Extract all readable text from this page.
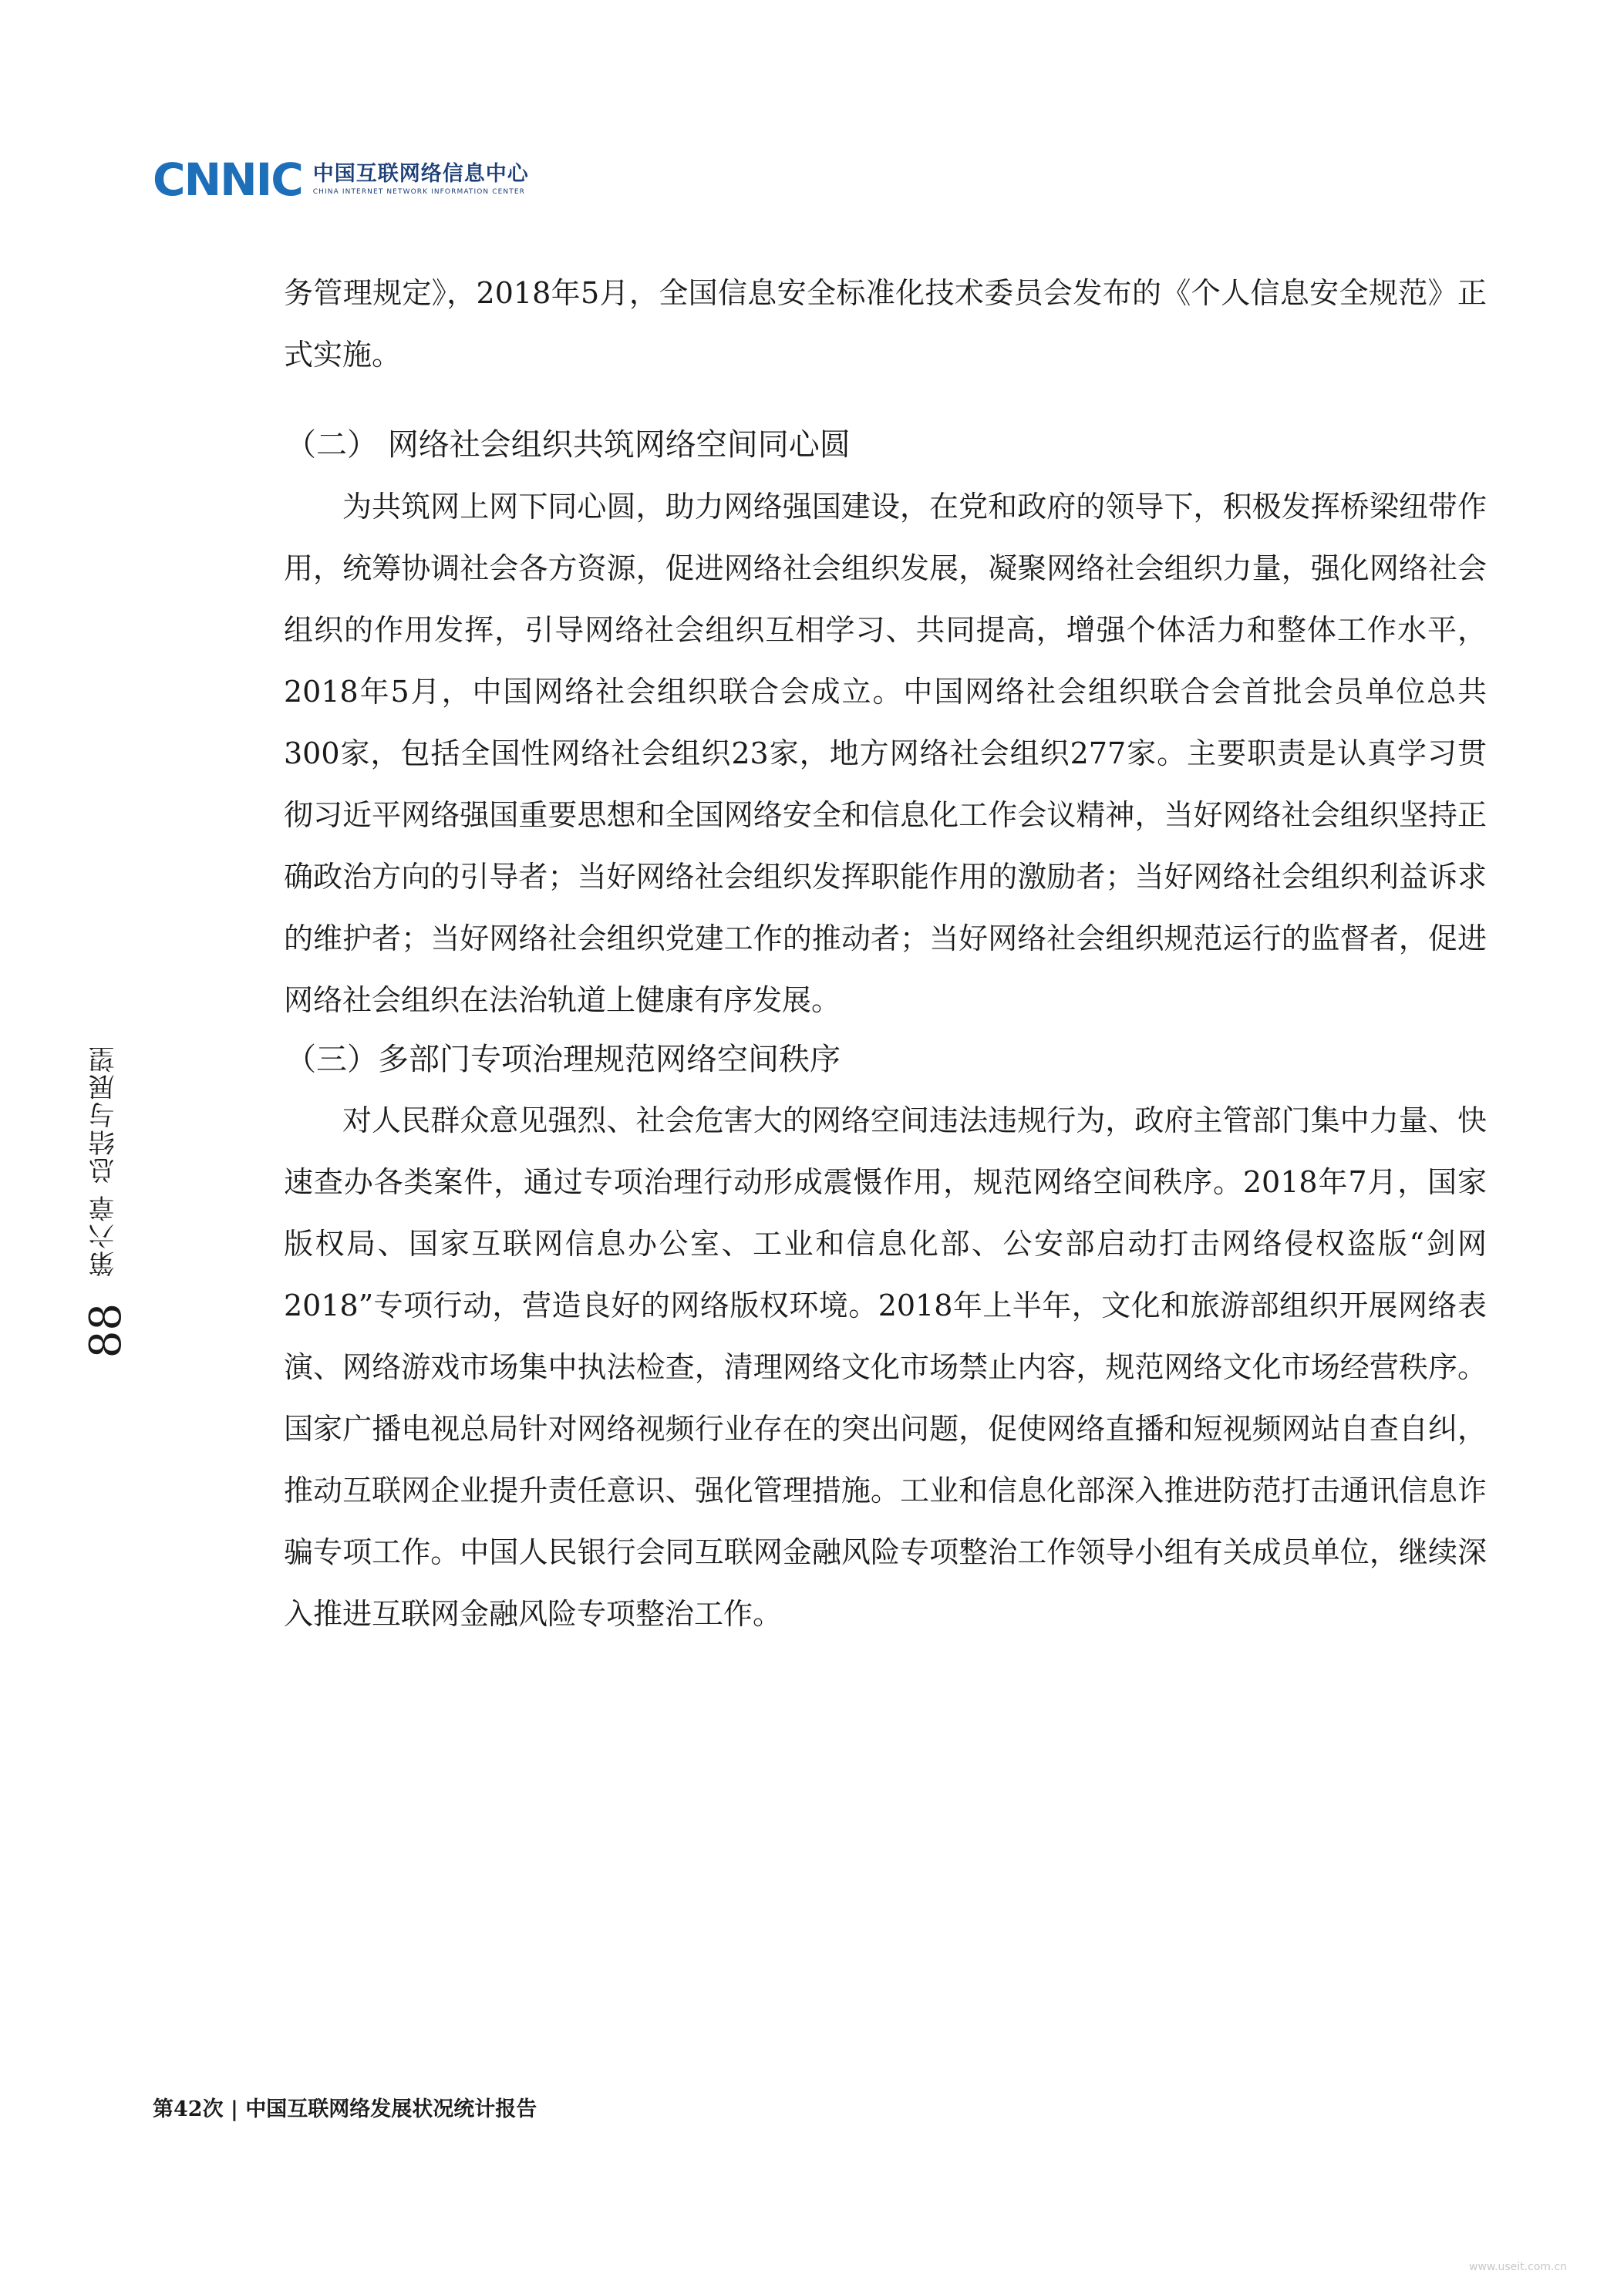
CNNIC 中国互联网络信息中心
CHINA INTERNET NETWORK INFORMATION CENTER
第六章 总结与展望
88

务管理规定》，2018年5月，全国信息安全标准化技术委员会发布的《个人信息安全规范》正式实施。

（二） 网络社会组织共筑网络空间同心圆

为共筑网上网下同心圆，助力网络强国建设，在党和政府的领导下，积极发挥桥梁纽带作用，统筹协调社会各方资源，促进网络社会组织发展，凝聚网络社会组织力量，强化网络社会组织的作用发挥，引导网络社会组织互相学习、共同提高，增强个体活力和整体工作水平，2018年5月，中国网络社会组织联合会成立。中国网络社会组织联合会首批会员单位总共300家，包括全国性网络社会组织23家，地方网络社会组织277家。主要职责是认真学习贯彻习近平网络强国重要思想和全国网络安全和信息化工作会议精神，当好网络社会组织坚持正确政治方向的引导者；当好网络社会组织发挥职能作用的激励者；当好网络社会组织利益诉求的维护者；当好网络社会组织党建工作的推动者；当好网络社会组织规范运行的监督者，促进网络社会组织在法治轨道上健康有序发展。

（三）多部门专项治理规范网络空间秩序

对人民群众意见强烈、社会危害大的网络空间违法违规行为，政府主管部门集中力量、快速查办各类案件，通过专项治理行动形成震慑作用，规范网络空间秩序。2018年7月，国家版权局、国家互联网信息办公室、工业和信息化部、公安部启动打击网络侵权盗版“剑网2018”专项行动，营造良好的网络版权环境。2018年上半年，文化和旅游部组织开展网络表演、网络游戏市场集中执法检查，清理网络文化市场禁止内容，规范网络文化市场经营秩序。国家广播电视总局针对网络视频行业存在的突出问题，促使网络直播和短视频网站自查自纠，推动互联网企业提升责任意识、强化管理措施。工业和信息化部深入推进防范打击通讯信息诈骗专项工作。中国人民银行会同互联网金融风险专项整治工作领导小组有关成员单位，继续深入推进互联网金融风险专项整治工作。

第42次 | 中国互联网络发展状况统计报告
www.useit.com.cn
